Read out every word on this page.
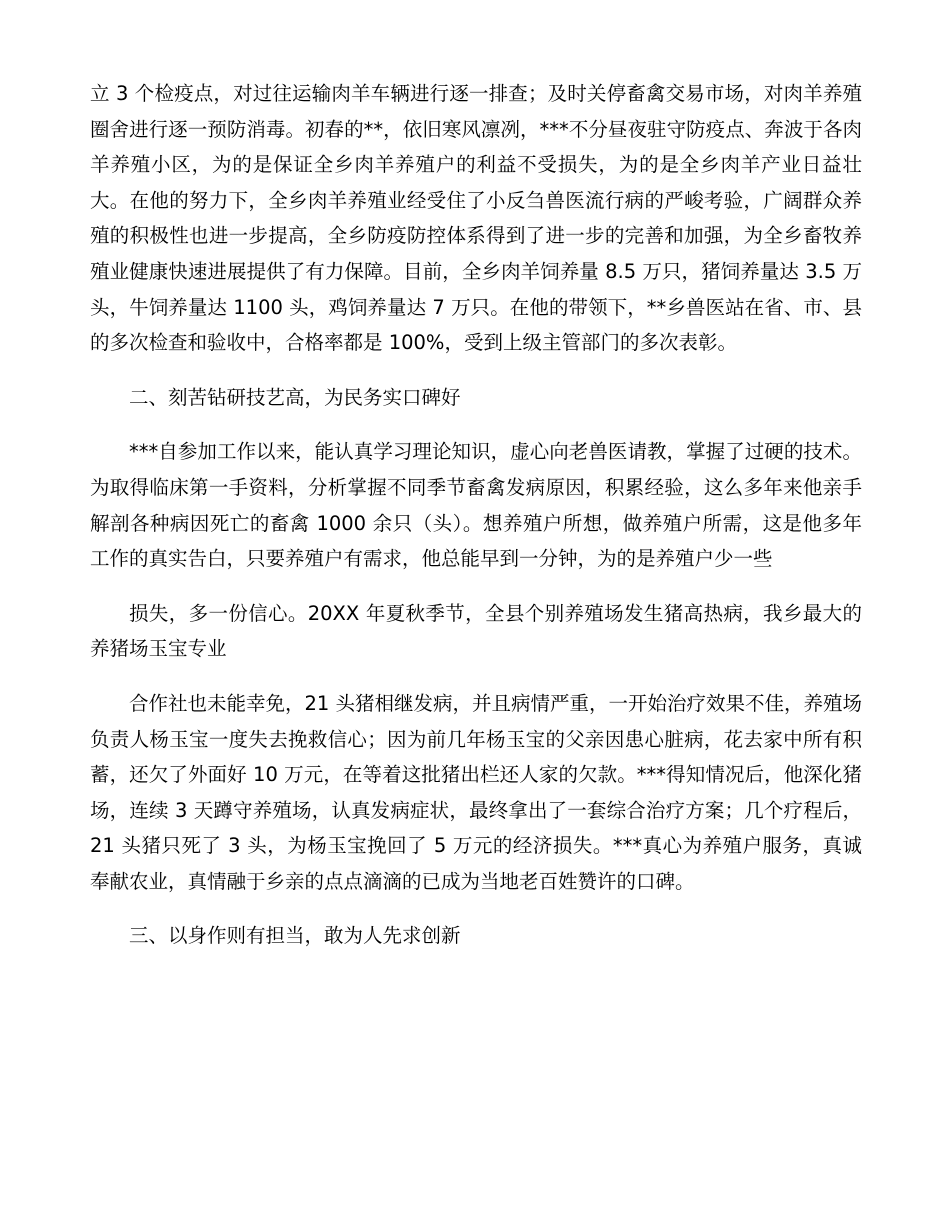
立 3 个检疫点，对过往运输肉羊车辆进行逐一排查；及时关停畜禽交易市场，对肉羊养殖圈舍进行逐一预防消毒。初春的**，依旧寒风凛冽，***不分昼夜驻守防疫点、奔波于各肉羊养殖小区，为的是保证全乡肉羊养殖户的利益不受损失，为的是全乡肉羊产业日益壮大。在他的努力下，全乡肉羊养殖业经受住了小反刍兽医流行病的严峻考验，广阔群众养殖的积极性也进一步提高，全乡防疫防控体系得到了进一步的完善和加强，为全乡畜牧养殖业健康快速进展提供了有力保障。目前，全乡肉羊饲养量 8.5 万只，猪饲养量达 3.5 万头，牛饲养量达 1100 头，鸡饲养量达 7 万只。在他的带领下，**乡兽医站在省、市、县的多次检查和验收中，合格率都是 100%，受到上级主管部门的多次表彰。

二、刻苦钻研技艺高，为民务实口碑好

***自参加工作以来，能认真学习理论知识，虚心向老兽医请教，掌握了过硬的技术。为取得临床第一手资料，分析掌握不同季节畜禽发病原因，积累经验，这么多年来他亲手解剖各种病因死亡的畜禽 1000 余只（头）。想养殖户所想，做养殖户所需，这是他多年工作的真实告白，只要养殖户有需求，他总能早到一分钟，为的是养殖户少一些

损失，多一份信心。20XX 年夏秋季节，全县个别养殖场发生猪高热病，我乡最大的养猪场玉宝专业

合作社也未能幸免，21 头猪相继发病，并且病情严重，一开始治疗效果不佳，养殖场负责人杨玉宝一度失去挽救信心；因为前几年杨玉宝的父亲因患心脏病，花去家中所有积蓄，还欠了外面好 10 万元，在等着这批猪出栏还人家的欠款。***得知情况后，他深化猪场，连续 3 天蹲守养殖场，认真发病症状，最终拿出了一套综合治疗方案；几个疗程后，21 头猪只死了 3 头，为杨玉宝挽回了 5 万元的经济损失。***真心为养殖户服务，真诚奉献农业，真情融于乡亲的点点滴滴的已成为当地老百姓赞许的口碑。

三、以身作则有担当，敢为人先求创新
